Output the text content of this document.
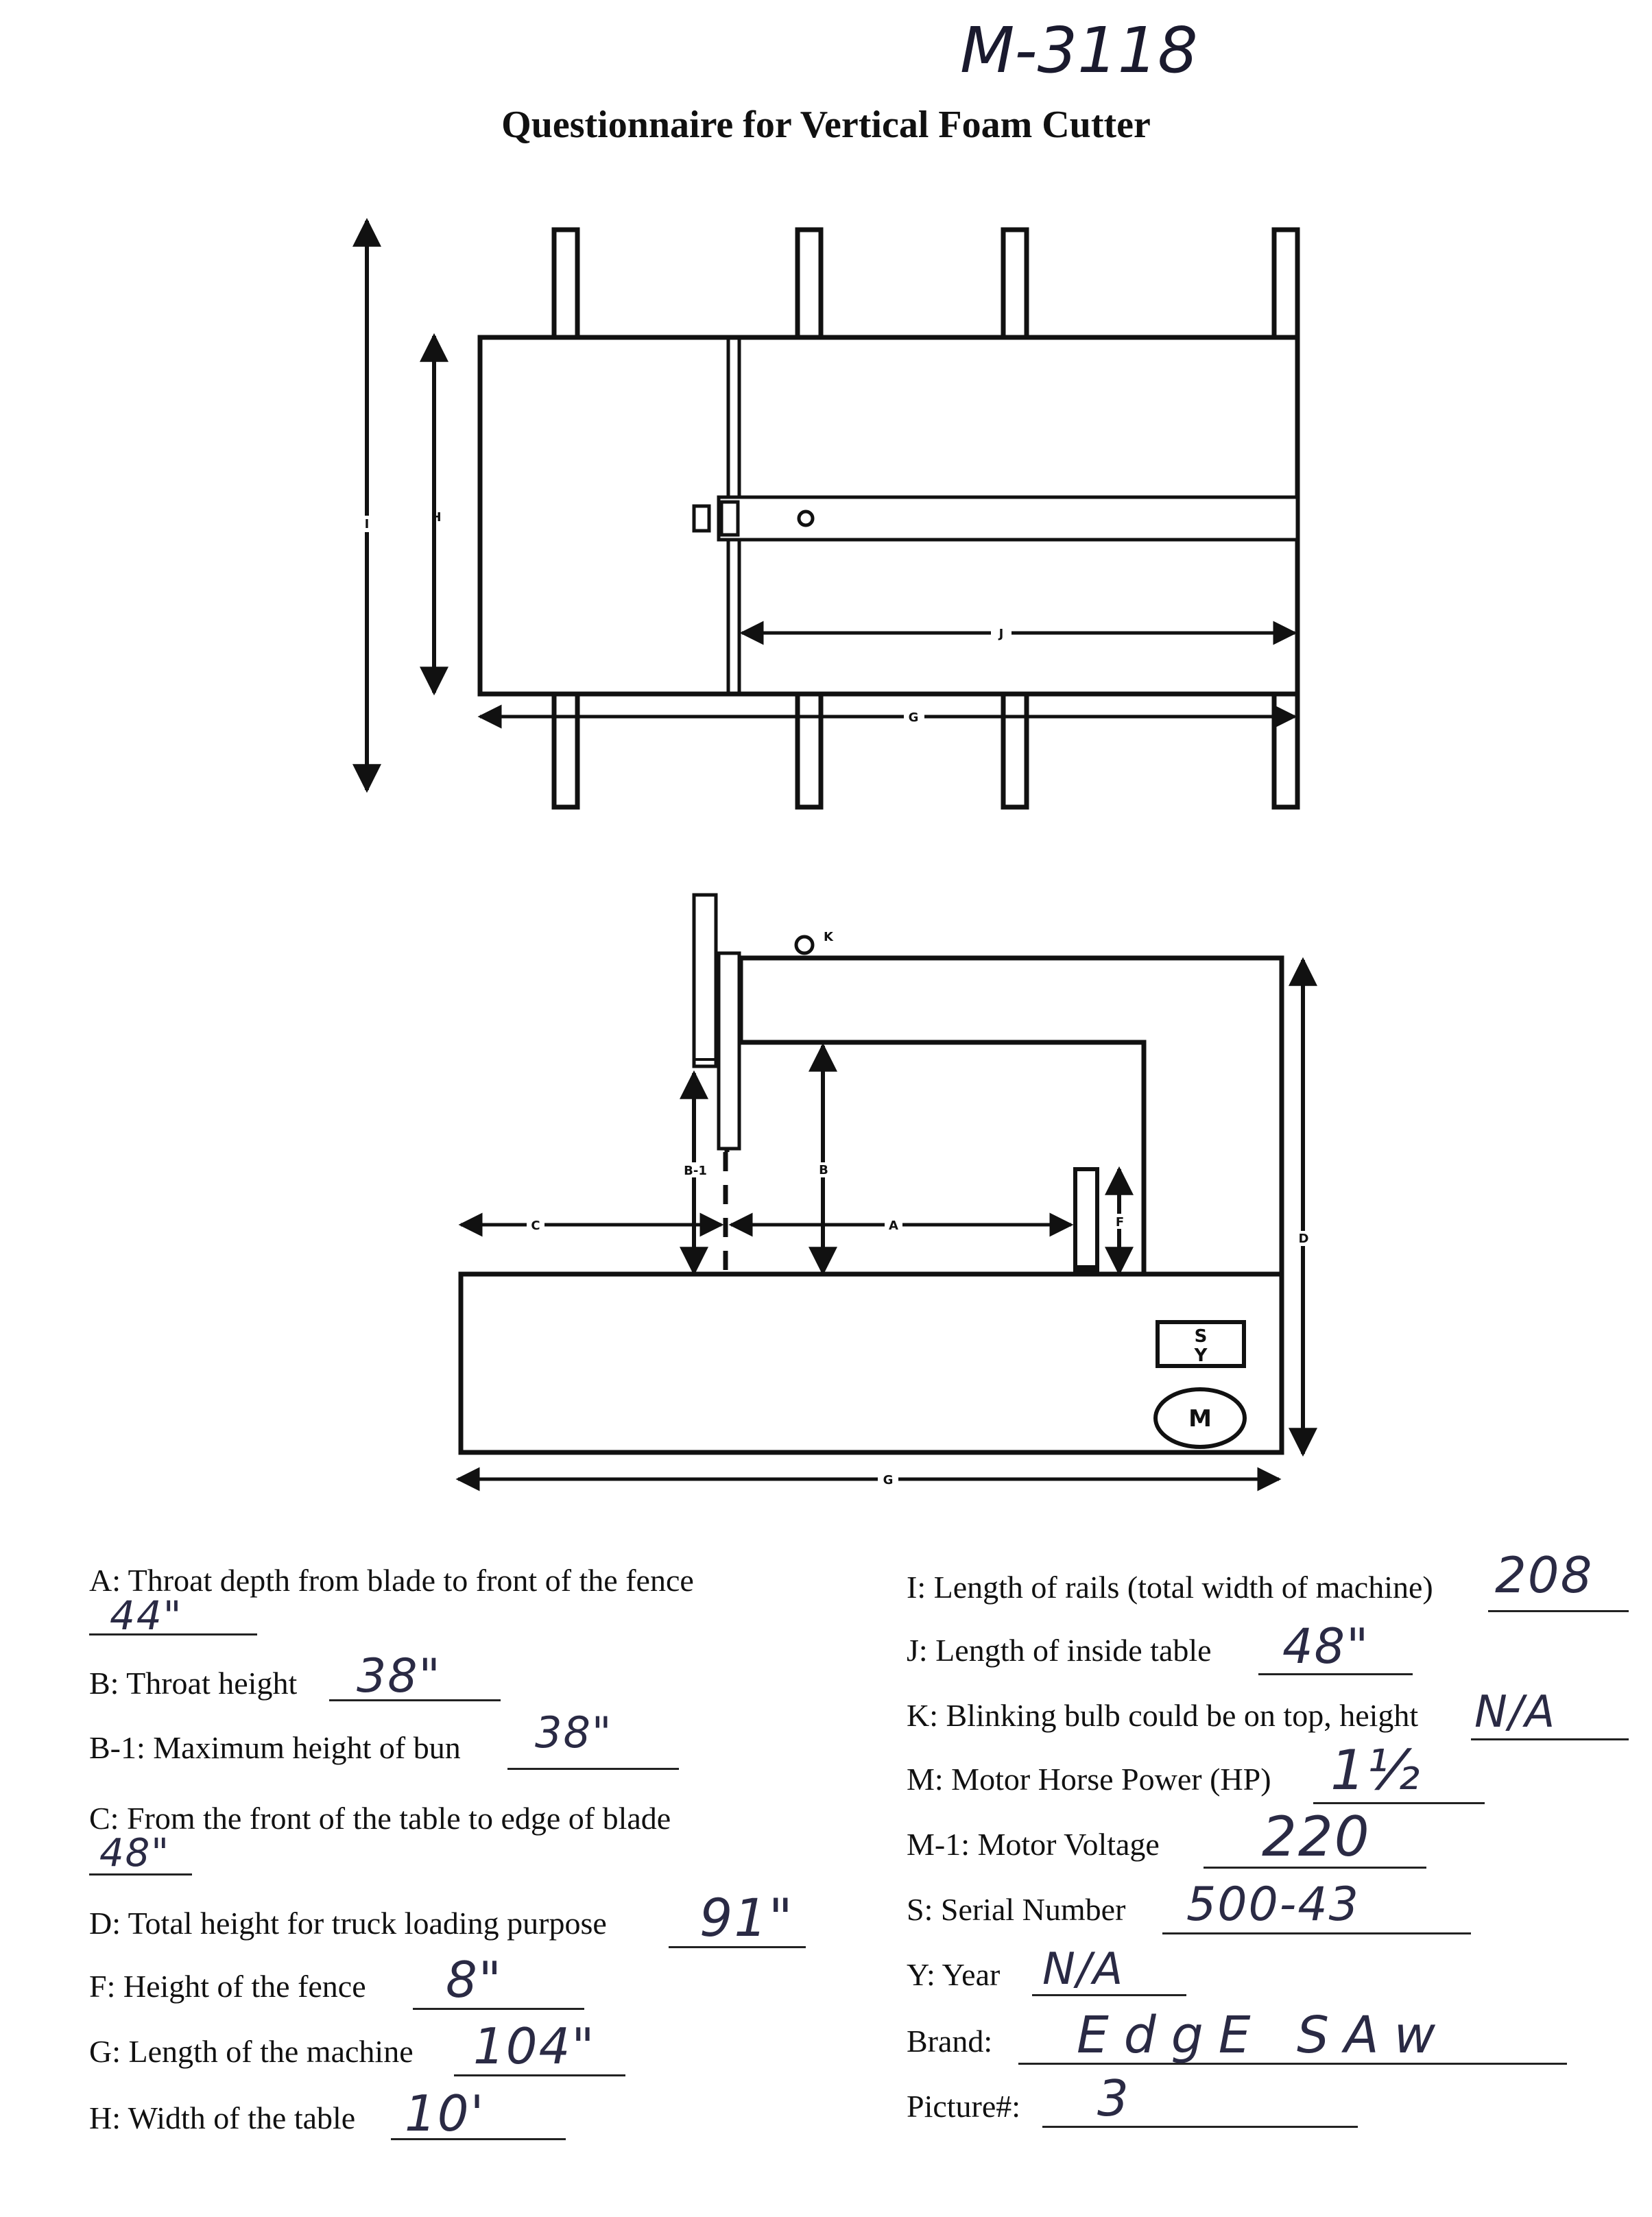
M-3118
Questionnaire for Vertical Foam Cutter
I	H
J
G
K
B-1	B
C	A	F
D
G
S
Y
M
A: Throat depth from blade to front of the fence
44"
B: Throat height 38"
B-1: Maximum height of bun 38"
C: From the front of the table to edge of blade
48"
D: Total height for truck loading purpose 91"
F: Height of the fence 8"
G: Length of the machine 104"
H: Width of the table 10'
I: Length of rails (total width of machine) 208
J: Length of inside table 48"
K: Blinking bulb could be on top, height N/A
M: Motor Horse Power (HP) 1½
M-1: Motor Voltage 220
S: Serial Number 500-43
Y: Year N/A
Brand: EdgE SAw
Picture#: 3
